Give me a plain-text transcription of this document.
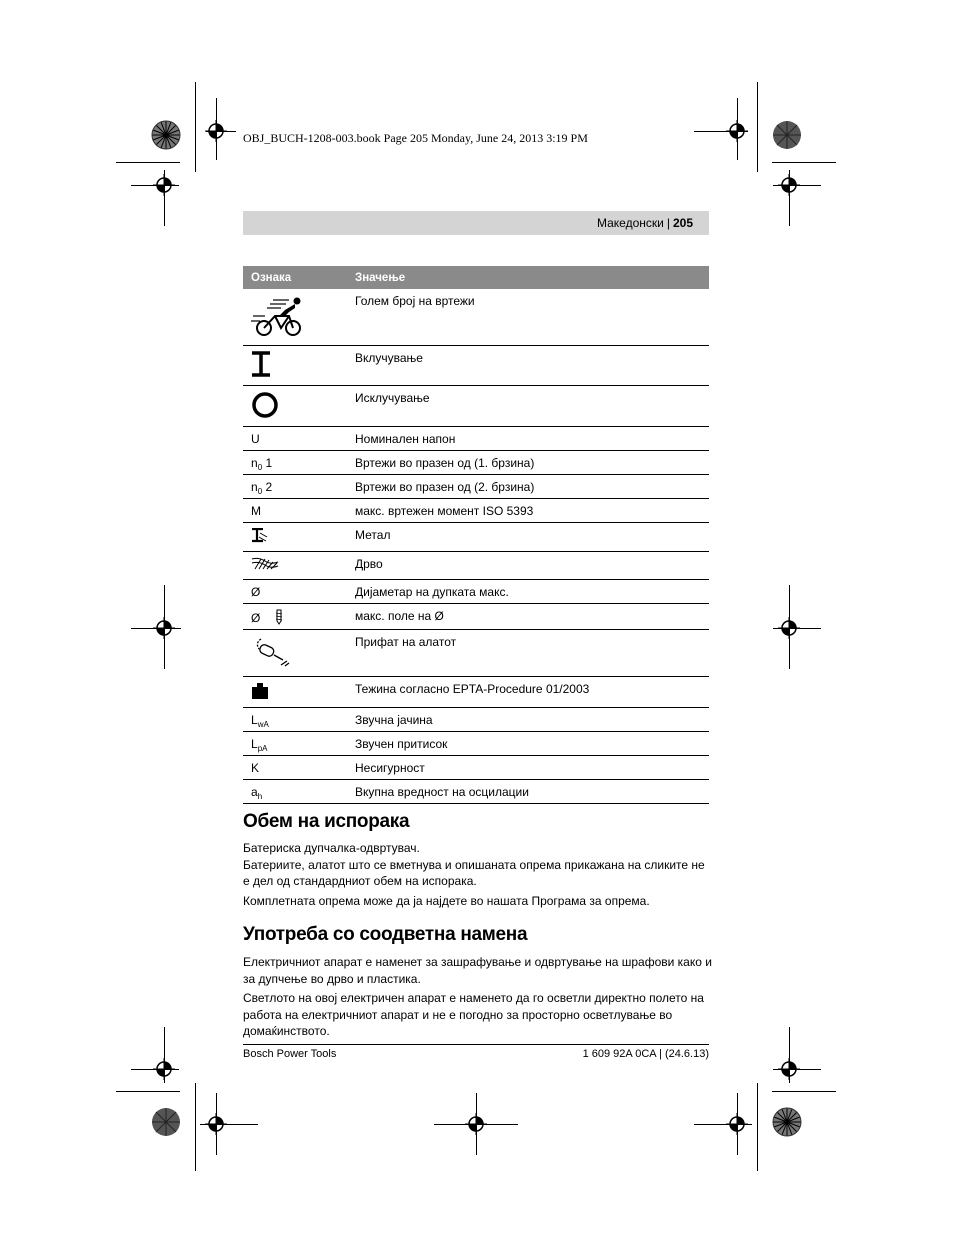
OBJ_BUCH-1208-003.book Page 205 Monday, June 24, 2013 3:19 PM
Македонски | 205
Ознака	Значење
	Голем број на вртежи
	Вклучување
	Исклучување
U	Номинален напон
$n_0$ 1	Вртежи во празен од (1. брзина)
$n_0$ 2	Вртежи во празен од (2. брзина)
M	макс. вртежен момент ISO 5393
	Метал
	Дрво
Ø	Дијаметар на дупката макс.
Ø	макс. поле на Ø
	Прифат на алатот
	Тежина согласно EPTA-Procedure 01/2003
$L_{wA}$	Звучна јачина
$L_{pA}$	Звучен притисок
K	Несигурност
$a_h$	Вкупна вредност на осцилации
Обем на испорака

Батериска дупчалка-одвртувач.

Батериите, алатот што се вметнува и опишаната опрема прикажана на сликите не е дел од стандардниот обем на испорака.

Комплетната опрема може да ја најдете во нашата Програма за опрема.

Употреба со соодветна намена

Електричниот апарат е наменет за зашрафување и одвртување на шрафови како и за дупчење во дрво и пластика.

Светлото на овој електричен апарат е наменето да го осветли директно полето на работа на електричниот апарат и не е погодно за просторно осветлување во домаќинството.

Bosch Power Tools	1 609 92A 0CA | (24.6.13)
